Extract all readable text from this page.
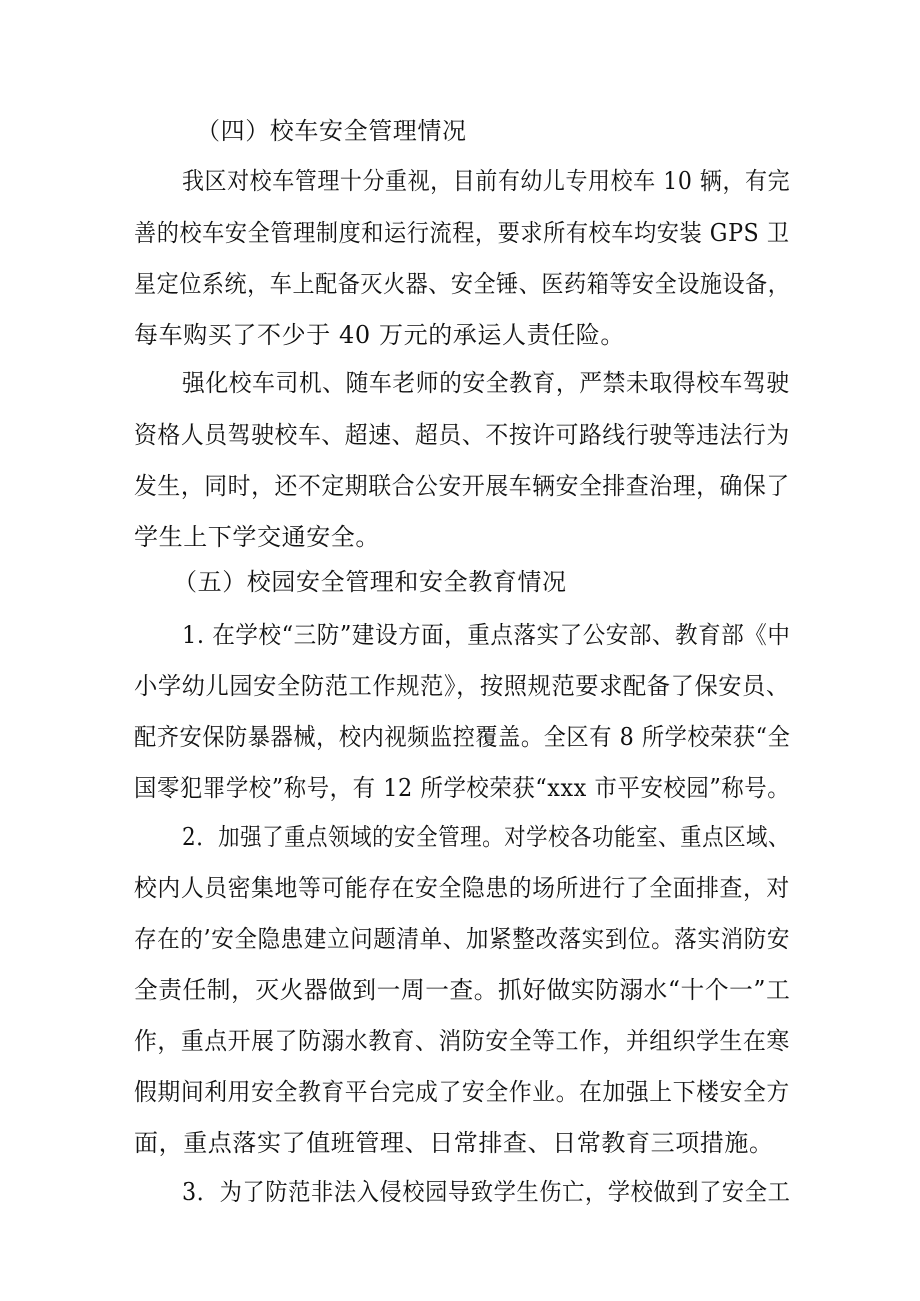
（四）校车安全管理情况
我区对校车管理十分重视，目前有幼儿专用校车 10 辆，有完
善的校车安全管理制度和运行流程，要求所有校车均安装 GPS 卫
星定位系统，车上配备灭火器、安全锤、医药箱等安全设施设备，
每车购买了不少于 40 万元的承运人责任险。
强化校车司机、随车老师的安全教育，严禁未取得校车驾驶
资格人员驾驶校车、超速、超员、不按许可路线行驶等违法行为
发生，同时，还不定期联合公安开展车辆安全排查治理，确保了
学生上下学交通安全。
（五）校园安全管理和安全教育情况
1. 在学校“三防”建设方面，重点落实了公安部、教育部《中
小学幼儿园安全防范工作规范》，按照规范要求配备了保安员、
配齐安保防暴器械，校内视频监控覆盖。全区有 8 所学校荣获“全
国零犯罪学校”称号，有 12 所学校荣获“xxx 市平安校园”称号。
2．加强了重点领域的安全管理。对学校各功能室、重点区域、
校内人员密集地等可能存在安全隐患的场所进行了全面排查，对
存在的’安全隐患建立问题清单、加紧整改落实到位。落实消防安
全责任制，灭火器做到一周一查。抓好做实防溺水“十个一”工
作，重点开展了防溺水教育、消防安全等工作，并组织学生在寒
假期间利用安全教育平台完成了安全作业。在加强上下楼安全方
面，重点落实了值班管理、日常排查、日常教育三项措施。
3．为了防范非法入侵校园导致学生伤亡，学校做到了安全工
